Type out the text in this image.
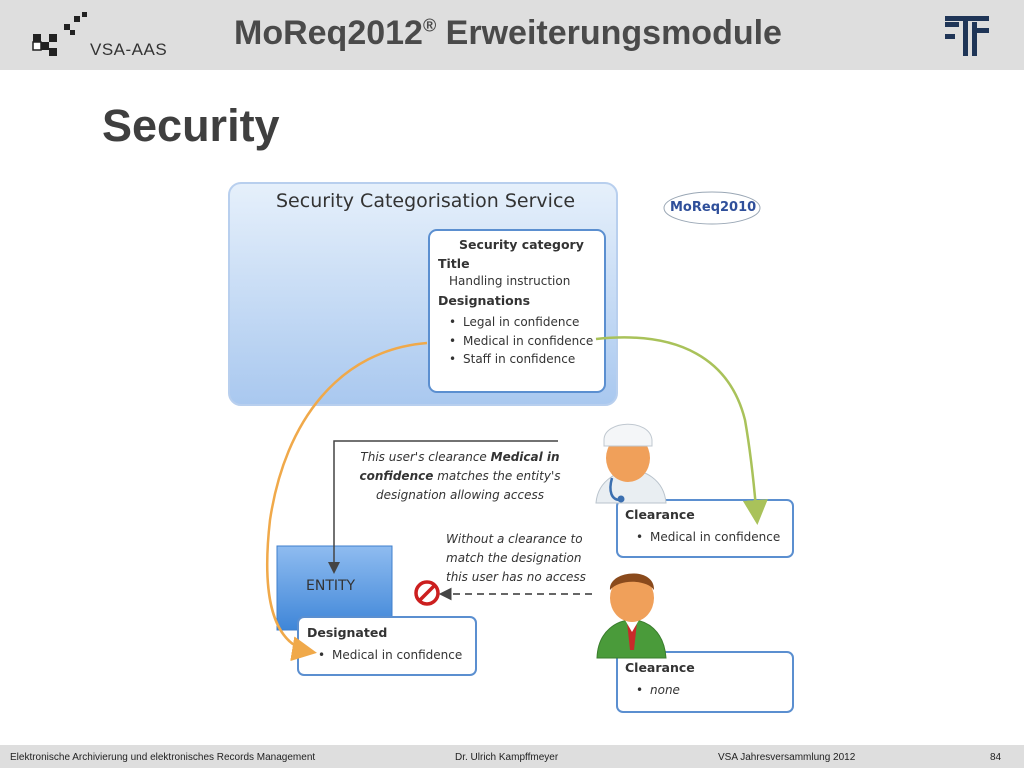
VSA-AAS MoReq2012® Erweiterungsmodule
Security
Security Categorisation Service	MoReq2010
Security category
Title
Handling instruction
Designations
• Legal in confidence
• Medical in confidence
• Staff in confidence
This user's clearance Medical in
confidence matches the entity's
designation allowing access
Without a clearance to
match the designation
this user has no access
ENTITY
Designated
• Medical in confidence
Clearance
• Medical in confidence
Clearance
• none
Elektronische Archivierung und elektronisches Records Management	Dr. Ulrich Kampffmeyer	VSA Jahresversammlung 2012	84
